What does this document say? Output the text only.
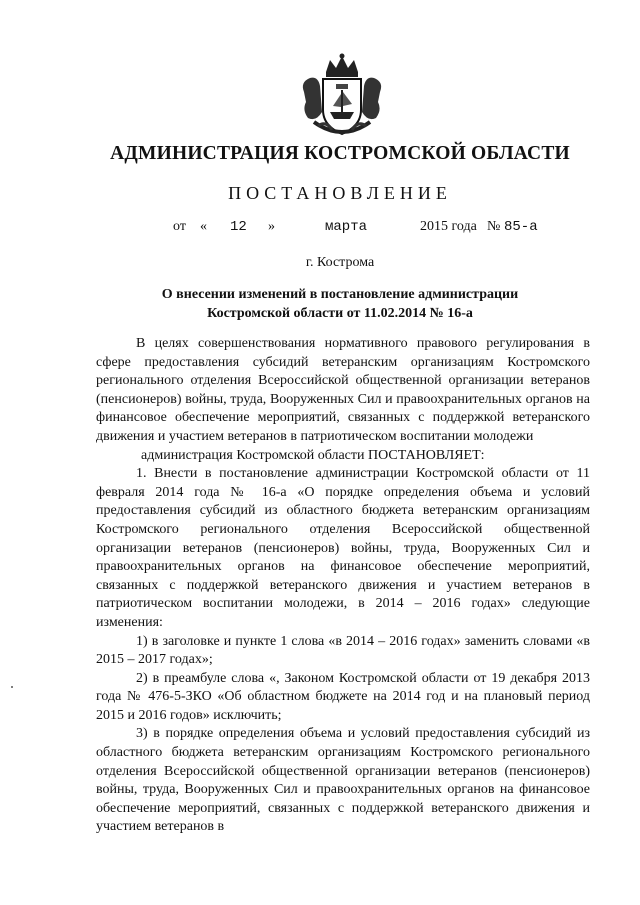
АДМИНИСТРАЦИЯ КОСТРОМСКОЙ ОБЛАСТИ
ПОСТАНОВЛЕНИЕ
от « 12 »	марта	2015 года № 85-а
г. Кострома
О внесении изменений в постановление администрации
Костромской области от 11.02.2014 № 16-а

В целях совершенствования нормативного правового регулирования в сфере предоставления субсидий ветеранским организациям Костромского регионального отделения Всероссийской общественной организации ветеранов (пенсионеров) войны, труда, Вооруженных Сил и правоохранительных органов на финансовое обеспечение мероприятий, связанных с поддержкой ветеранского движения и участием ветеранов в патриотическом воспитании молодежи

администрация Костромской области ПОСТАНОВЛЯЕТ:

1. Внести в постановление администрации Костромской области от 11 февраля 2014 года № 16-а «О порядке определения объема и условий предоставления субсидий из областного бюджета ветеранским организациям Костромского регионального отделения Всероссийской общественной организации ветеранов (пенсионеров) войны, труда, Вооруженных Сил и правоохранительных органов на финансовое обеспечение мероприятий, связанных с поддержкой ветеранского движения и участием ветеранов в патриотическом воспитании молодежи, в 2014 – 2016 годах» следующие изменения:

1) в заголовке и пункте 1 слова «в 2014 – 2016 годах» заменить словами «в 2015 – 2017 годах»;

2) в преамбуле слова «, Законом Костромской области от 19 декабря 2013 года № 476-5-ЗКО «Об областном бюджете на 2014 год и на плановый период 2015 и 2016 годов» исключить;

3) в порядке определения объема и условий предоставления субсидий из областного бюджета ветеранским организациям Костромского регионального отделения Всероссийской общественной организации ветеранов (пенсионеров) войны, труда, Вооруженных Сил и правоохранительных органов на финансовое обеспечение мероприятий, связанных с поддержкой ветеранского движения и участием ветеранов в
